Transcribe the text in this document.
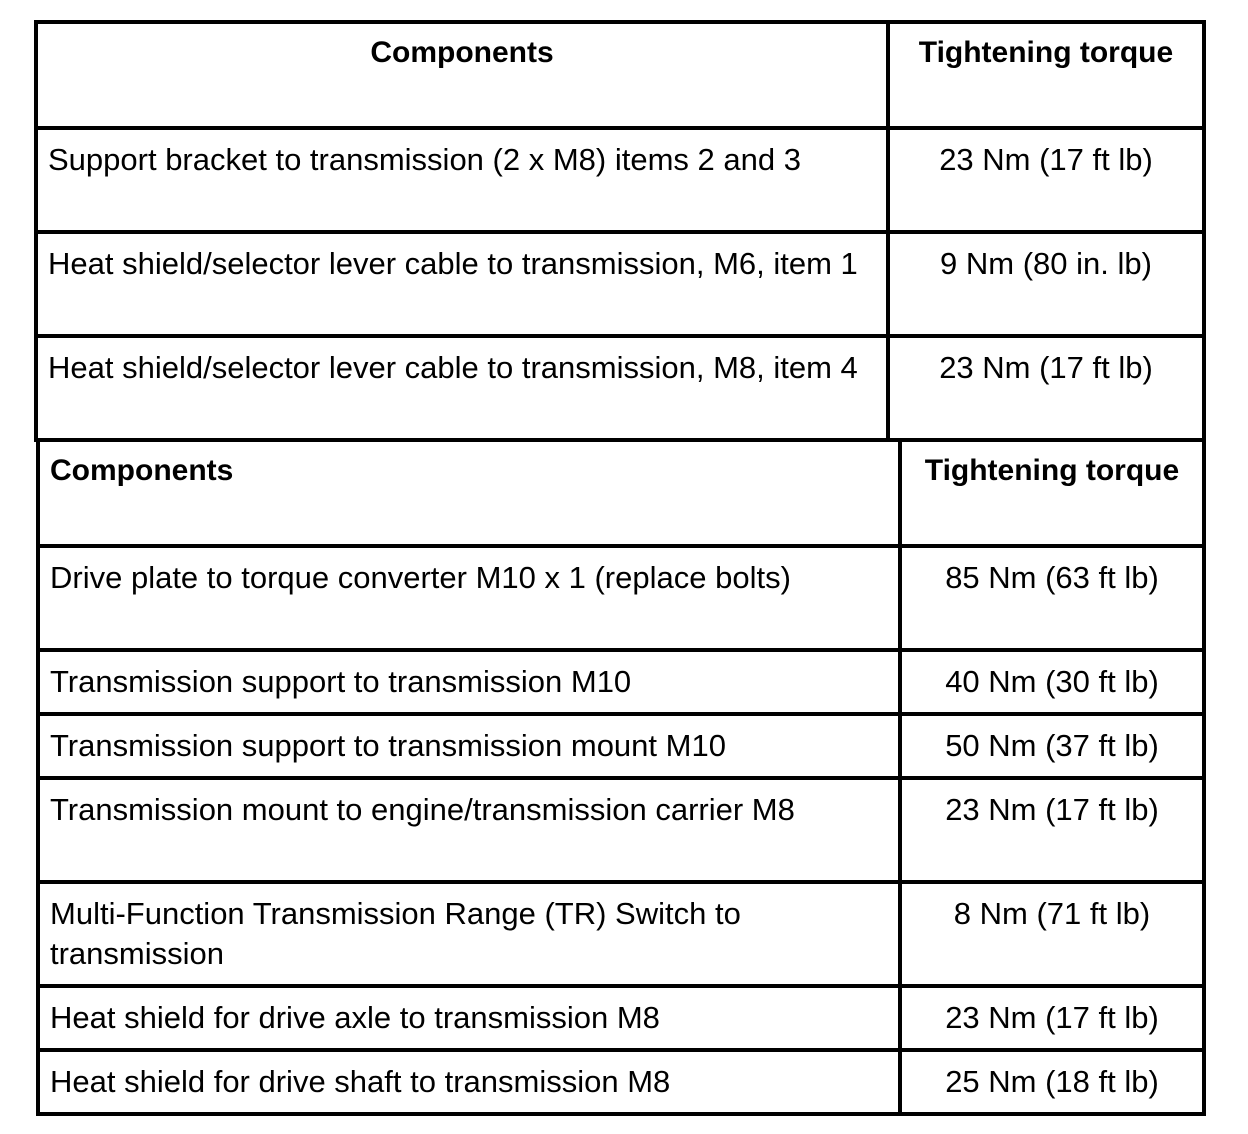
Components	Tightening torque
Support bracket to transmission (2 x M8) items 2 and 3	23 Nm (17 ft lb)
Heat shield/selector lever cable to transmission, M6, item 1	9 Nm (80 in. lb)
Heat shield/selector lever cable to transmission, M8, item 4	23 Nm (17 ft lb)
Components	Tightening torque
Drive plate to torque converter M10 x 1 (replace bolts)	85 Nm (63 ft lb)
Transmission support to transmission M10	40 Nm (30 ft lb)
Transmission support to transmission mount M10	50 Nm (37 ft lb)
Transmission mount to engine/transmission carrier M8	23 Nm (17 ft lb)
Multi-Function Transmission Range (TR) Switch to transmission	8 Nm (71 ft lb)
Heat shield for drive axle to transmission M8	23 Nm (17 ft lb)
Heat shield for drive shaft to transmission M8	25 Nm (18 ft lb)
